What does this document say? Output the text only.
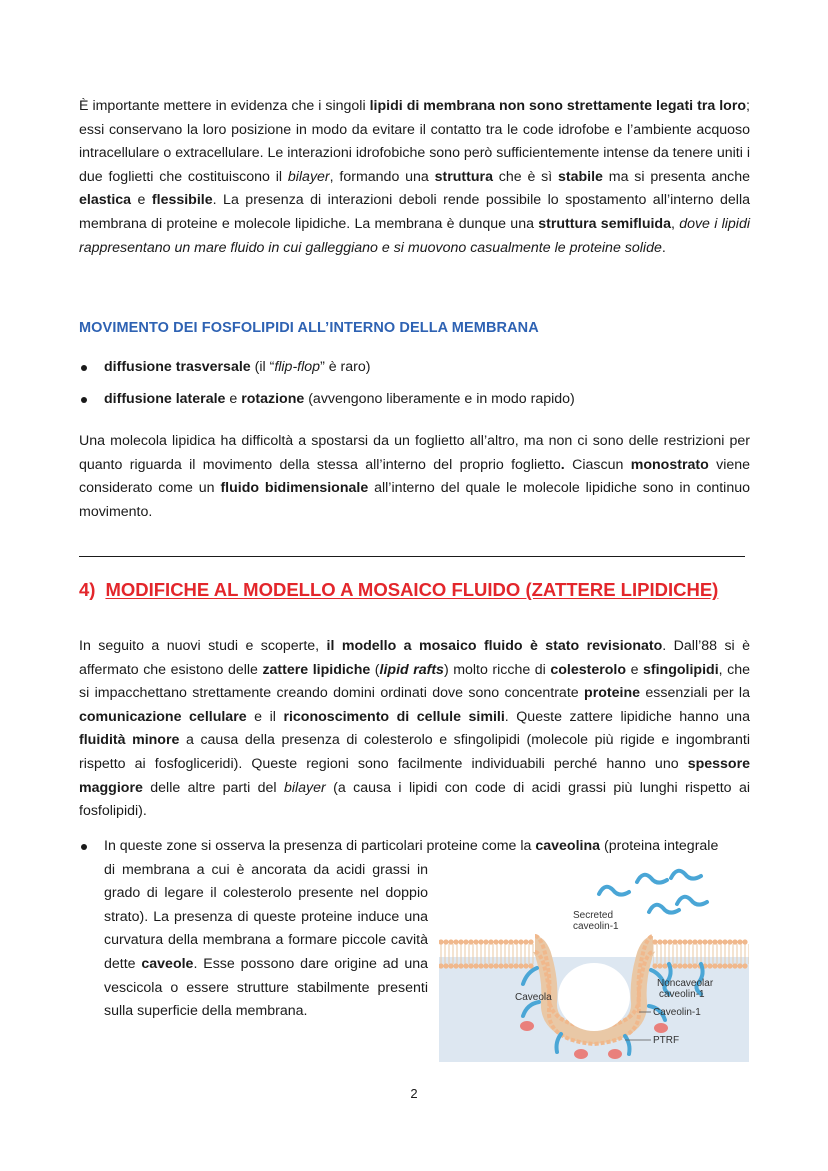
È importante mettere in evidenza che i singoli lipidi di membrana non sono strettamente legati tra loro; essi conservano la loro posizione in modo da evitare il contatto tra le code idrofobe e l’ambiente acquoso intracellulare o extracellulare. Le interazioni idrofobiche sono però sufficientemente intense da tenere uniti i due foglietti che costituiscono il bilayer, formando una struttura che è sì stabile ma si presenta anche elastica e flessibile. La presenza di interazioni deboli rende possibile lo spostamento all’interno della membrana di proteine e molecole lipidiche. La membrana è dunque una struttura semifluida, dove i lipidi rappresentano un mare fluido in cui galleggiano e si muovono casualmente le proteine solide.

MOVIMENTO DEI FOSFOLIPIDI ALL’INTERNO DELLA MEMBRANA
diffusione trasversale (il “flip-flop” è raro)
diffusione laterale e rotazione (avvengono liberamente e in modo rapido)

Una molecola lipidica ha difficoltà a spostarsi da un foglietto all’altro, ma non ci sono delle restrizioni per quanto riguarda il movimento della stessa all’interno del proprio foglietto. Ciascun monostrato viene considerato come un fluido bidimensionale all’interno del quale le molecole lipidiche sono in continuo movimento.

4) MODIFICHE AL MODELLO A MOSAICO FLUIDO (ZATTERE LIPIDICHE)

In seguito a nuovi studi e scoperte, il modello a mosaico fluido è stato revisionato. Dall’88 si è affermato che esistono delle zattere lipidiche (lipid rafts) molto ricche di colesterolo e sfingolipidi, che si impacchettano strettamente creando domini ordinati dove sono concentrate proteine essenziali per la comunicazione cellulare e il riconoscimento di cellule simili. Queste zattere lipidiche hanno una fluidità minore a causa della presenza di colesterolo e sfingolipidi (molecole più rigide e ingombranti rispetto ai fosfogliceridi). Queste regioni sono facilmente individuabili perché hanno uno spessore maggiore delle altre parti del bilayer (a causa i lipidi con code di acidi grassi più lunghi rispetto ai fosfolipidi).

In queste zone si osserva la presenza di particolari proteine come la caveolina (proteina integrale
di membrana a cui è ancorata da acidi grassi in grado di legare il colesterolo presente nel doppio strato). La presenza di queste proteine induce una curvatura della membrana a formare piccole cavità dette caveole. Esse possono dare origine ad una vescicola o essere strutture stabilmente presenti sulla superficie della membrana.
Secreted
caveolin-1
Noncaveolar
caveolin-1
Caveola
Caveolin-1
PTRF
2
